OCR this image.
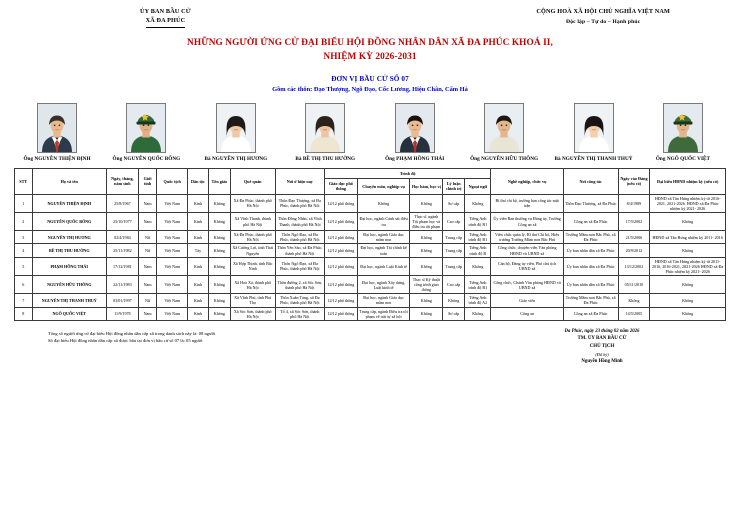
ỦY BAN BẦU CỬ
XÃ ĐA PHÚC
CỘNG HOÀ XÃ HỘI CHỦ NGHĨA VIỆT NAM
Độc lập – Tự do – Hạnh phúc
NHỮNG NGƯỜI ỨNG CỬ ĐẠI BIỂU HỘI ĐỒNG NHÂN DÂN XÃ ĐA PHÚC KHOÁ II,
NHIỆM KỲ 2026-2031
ĐƠN VỊ BẦU CỬ SỐ 07
Gồm các thôn: Đạo Thượng, Ngõ Đạo, Cốc Lương, Hiệu Chân, Cẩm Hà
Ông NGUYỄN THIỆN ĐỊNH	Ông NGUYỄN QUỐC BỔNG	Bà NGUYỄN THỊ HƯƠNG	Bà BỀ THỊ THU HƯỜNG	Ông PHẠM HỒNG THÁI	Ông NGUYỄN HỮU THÔNG	Bà NGUYỄN THỊ THANH THUỶ	Ông NGÔ QUỐC VIỆT
STT	Họ và tên	Ngày, tháng, năm sinh	Giới tính	Quốc tịch	Dân tộc	Tôn giáo	Quê quán	Nơi ở hiện nay	Trình độ					Nghề nghiệp, chức vụ	Nơi công tác	Ngày vào Đảng (nếu có)	Đại biểu HĐND nhiệm kỳ (nếu có)
									Giáo dục phổ thông	Chuyên môn, nghiệp vụ	Học hàm, học vị	Lý luận chính trị	Ngoại ngữ				
1	NGUYỄN THIỆN ĐỊNH	25/8/1967	Nam	Việt Nam	Kinh	Không	Xã Đa Phúc, thành phố Hà Nội	Thôn Đạo Thượng, xã Đa Phúc, thành phố Hà Nội	12/12 phổ thông	Không	Không	Sơ cấp	Không	Bí thư chi bộ, trưởng ban công tác mặt trận	Thôn Đạo Thượng, xã Đa Phúc	8/4/1989	HĐND xã Tân Hưng nhiệm kỳ từ 2016-2021, 2021-2026. HĐND xã Đa Phúc nhiệm kỳ 2021- 2026
2	NGUYỄN QUỐC BỔNG	25/10/1977	Nam	Việt Nam	Kinh	Không	Xã Vĩnh Thanh, thành phố Hà Nội	Thôn Đồng Nhân, xã Vĩnh Thanh, thành phố Hà Nội	12/12 phổ thông	Đại học, ngành Cảnh sát điều tra	Thạc sĩ, ngành Tội phạm học và điều tra tội phạm	Cao cấp	Tiếng Anh trình độ B1	Ủy viên Ban thường vụ Đảng ủy, Trưởng Công an xã	Công an xã Đa Phúc	17/5/2002	Không
3	NGUYỄN THỊ HƯƠNG	02/4/1984	Nữ	Việt Nam	Kinh	Không	Xã Đa Phúc, thành phố Hà Nội	Thôn Ngõ Đạo, xã Đa Phúc, thành phố Hà Nội	12/12 phổ thông	Đại học, ngành Giáo dục mầm non	Không	Trung cấp	Tiếng Anh trình độ B1	Viên chức quản lý, Bí thư Chi bộ, Hiệu trưởng Trường Mầm non Bắc Phú	Trường Mầm non Bắc Phú, xã Đa Phúc	21/5/2006	HĐND xã Tân Hưng nhiệm kỳ 2011- 2016
4	BỀ THỊ THU HƯỜNG	25/11/1982	Nữ	Việt Nam	Tày	Không	Xã Cường Lợi, tỉnh Thái Nguyên	Thôn Yên Sào, xã Đa Phúc, thành phố Hà Nội	12/12 phổ thông	Đại học, ngành Tài chính kế toán	Không	Trung cấp	Tiếng Anh trình độ B	Công chức, chuyên viên Văn phòng HĐND và UBND xã	Ủy ban nhân dân xã Đa Phúc	20/9/2012	Không
5	PHẠM HỒNG THÁI	17/12/1981	Nam	Việt Nam	Kinh	Không	Xã Hợp Thịnh, tỉnh Bắc Ninh	Thôn Ngõ Đạo, xã Đa Phúc, thành phố Hà Nội	12/12 phổ thông	Đại học, ngành Luật Kinh tế	Không	Trung cấp	Không	Cán bộ, Đảng ủy viên, Phó chủ tịch UBND xã	Ủy ban nhân dân xã Đa Phúc	13/12/2002	HĐND xã Tân Hưng nhiệm kỳ từ 2011-2016, 2016-2021, 2021-2026 HĐND xã Đa Phúc nhiệm kỳ 2021- 2026
6	NGUYỄN HỮU THÔNG	22/11/1983	Nam	Việt Nam	Kinh	Không	Xã Hoà Xá, thành phố Hà Nội	Thôn đường 2, xã Sóc Sơn, thành phố Hà Nội	12/12 phổ thông	Đại học, ngành Xây dựng, Luật kinh tế	Thạc sĩ Kỹ thuật công trình giao thông	Cao cấp	Tiếng Anh trình độ B1	Công chức, Chánh Văn phòng HĐND và UBND xã	Ủy ban nhân dân xã Đa Phúc	05/11/2010	Không
7	NGUYỄN THỊ THANH THUỶ	03/01/1997	Nữ	Việt Nam	Kinh	Không	Xã Vĩnh Phú, tỉnh Phú Thọ	Thôn Xuân Tảng, xã Đa Phúc, thành phố Hà Nội	12/12 phổ thông	Đại học, ngành Giáo dục mầm non	Không	Không	Tiếng Anh trình độ A2	Giáo viên	Trường Mầm non Bắc Phú, xã Đa Phúc	Không	Không
8	NGÔ QUỐC VIỆT	11/9/1978	Nam	Việt Nam	Kinh	Không	Xã Sóc Sơn, thành phố Hà Nội	Tổ 4, xã Sóc Sơn, thành phố Hà Nội	12/12 phổ thông	Trung cấp, ngành Điều tra tội phạm về trật tự xã hội	Không	Sơ cấp	Không	Công an	Công an xã Đa Phúc	14/5/2005	Không
Tổng số người ứng cử đại biểu Hội đồng nhân dân cấp xã trong danh sách này là: 08 người
Số đại biểu Hội đồng nhân dân cấp xã được bầu tại đơn vị bầu cử số 07 là: 05 người
Đa Phúc, ngày 23 tháng 02 năm 2026
TM. ỦY BAN BẦU CỬ
CHỦ TỊCH
(Đã ký)
Nguyễn Hồng Minh
